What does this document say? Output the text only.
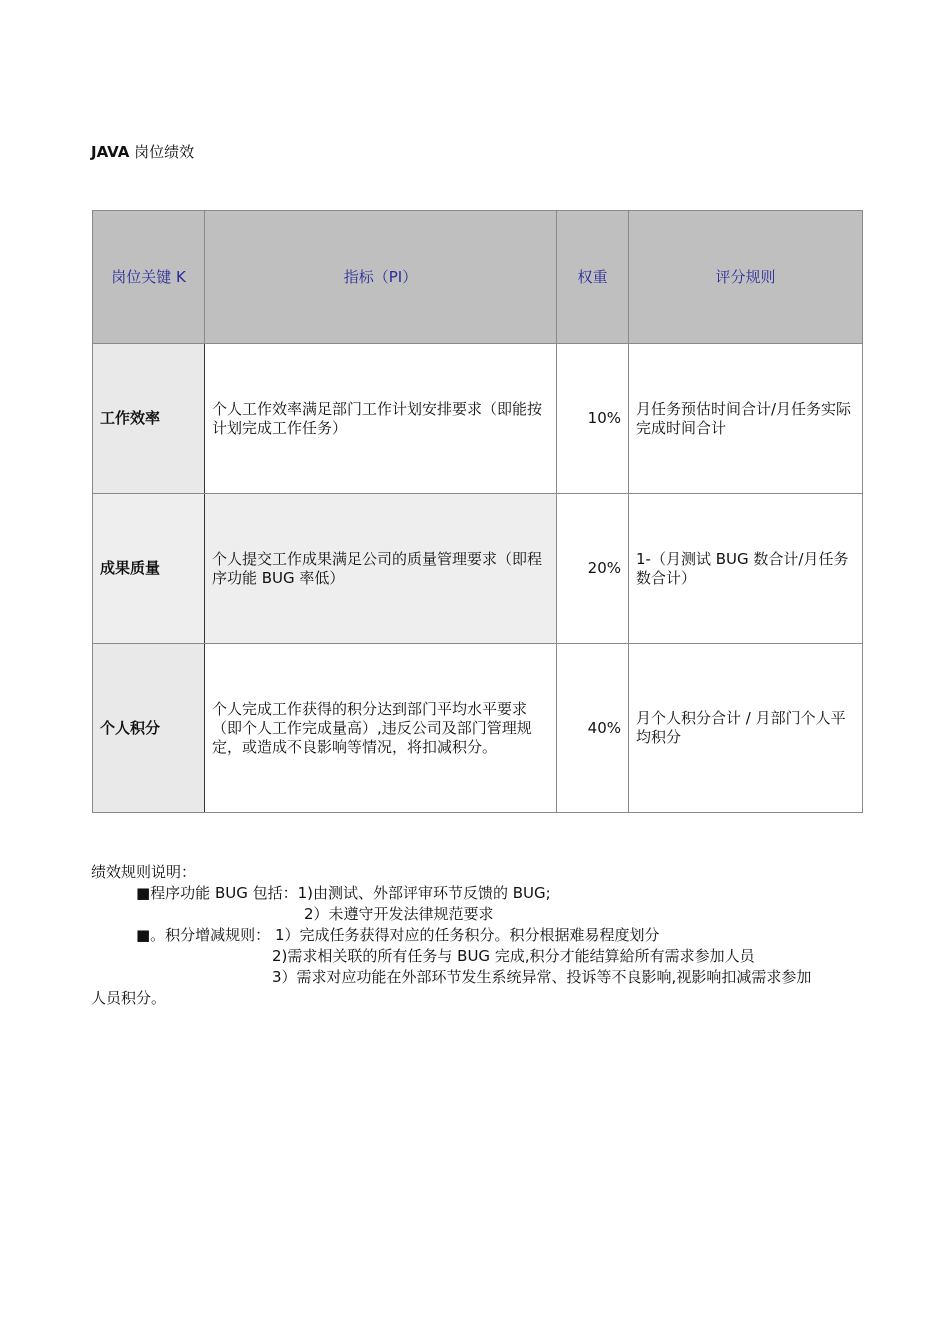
JAVA 岗位绩效
岗位关键 K	指标（PI）	权重	评分规则
工作效率	个人工作效率满足部门工作计划安排要求（即能按计划完成工作任务）	10%	月任务预估时间合计/月任务实际完成时间合计
成果质量	个人提交工作成果满足公司的质量管理要求（即程序功能 BUG 率低）	20%	1-（月测试 BUG 数合计/月任务数合计）
个人积分	个人完成工作获得的积分达到部门平均水平要求（即个人工作完成量高）,违反公司及部门管理规定，或造成不良影响等情况，将扣减积分。	40%	月个人积分合计 / 月部门个人平均积分
绩效规则说明：
■程序功能 BUG 包括：1)由测试、外部评审环节反馈的 BUG;
2）未遵守开发法律规范要求
■。积分增减规则： 1）完成任务获得对应的任务积分。积分根据难易程度划分
2)需求相关联的所有任务与 BUG 完成,积分才能结算給所有需求参加人员
3）需求对应功能在外部环节发生系统异常、投诉等不良影响,视影响扣减需求参加
人员积分。
